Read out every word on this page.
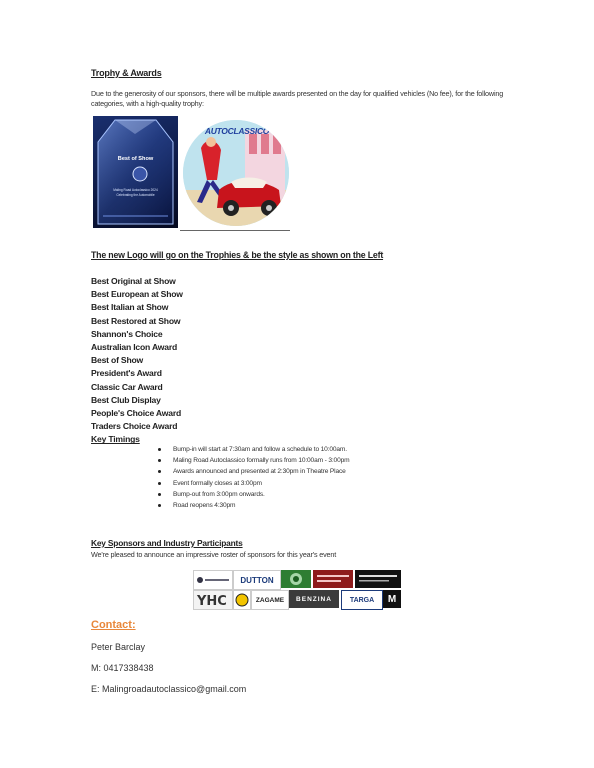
Trophy & Awards
Due to the generosity of our sponsors, there will be multiple awards presented on the day for qualified vehicles (No fee), for the following categories, with a high-quality trophy:
Best of Show
Maling Road Autoclassico 2024
Celebrating the Automobile
AUTOCLASSICO
The new Logo will go on the Trophies & be the style as shown on the Left
Best Original at Show
Best European at Show
Best Italian at Show
Best Restored at Show
Shannon's Choice
Australian Icon Award
Best of Show
President's Award
Classic Car Award
Best Club Display
People's Choice Award
Traders Choice Award
Key Timings
Bump-in will start at 7:30am and follow a schedule to 10:00am.
Maling Road Autoclassico formally runs from 10:00am - 3:00pm
Awards announced and presented at 2:30pm in Theatre Place
Event formally closes at 3:00pm
Bump-out from 3:00pm onwards.
Road reopens 4:30pm
Key Sponsors and Industry Participants
We're pleased to announce an impressive roster of sponsors for this year's event
DUTTON
YHC	ZAGAME	BENZINA	TARGA	M
Contact:
Peter Barclay
M: 0417338438
E: Malingroadautoclassico@gmail.com
